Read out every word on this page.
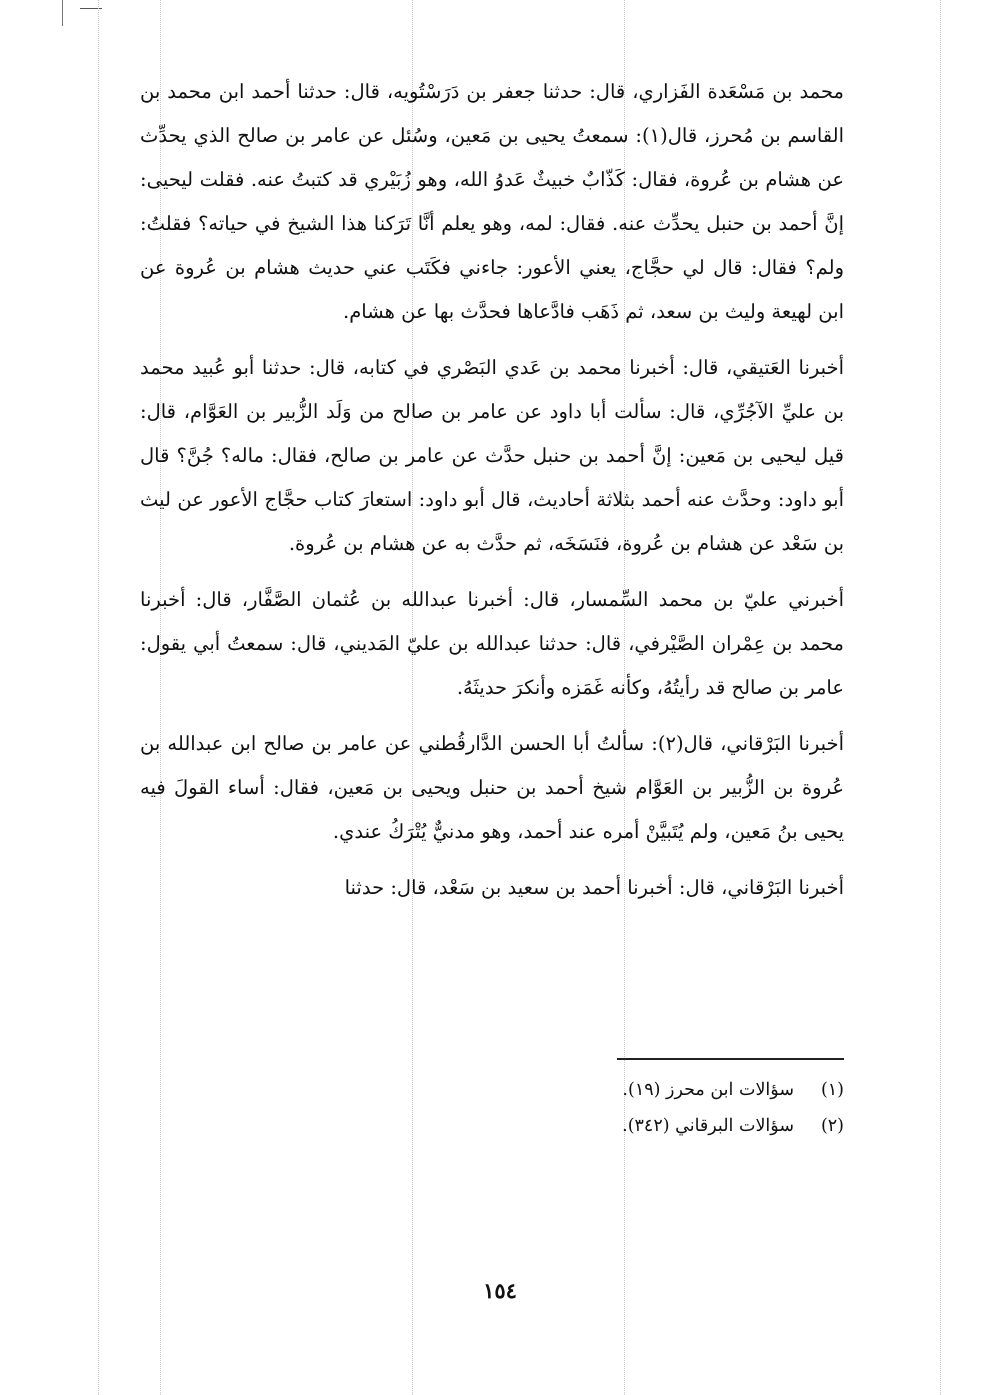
محمد بن مَسْعَدة الفَزاري، قال: حدثنا جعفر بن دَرَسْتُويه، قال: حدثنا أحمد ابن محمد بن القاسم بن مُحرز، قال(١): سمعتُ يحيى بن مَعين، وسُئل عن عامر بن صالح الذي يحدِّث عن هشام بن عُروة، فقال: كَذّابٌ خبيثٌ عَدوُ الله، وهو زُبَيْري قد كتبتُ عنه. فقلت ليحيى: إنَّ أحمد بن حنبل يحدِّث عنه. فقال: لمه، وهو يعلم أنَّا تَرَكنا هذا الشيخ في حياته؟ فقلتُ: ولم؟ فقال: قال لي حجَّاج، يعني الأعور: جاءني فكَتَب عني حديث هشام بن عُروة عن ابن لهيعة وليث بن سعد، ثم ذَهَب فادَّعاها فحدَّث بها عن هشام.

أخبرنا العَتيقي، قال: أخبرنا محمد بن عَدي البَصْري في كتابه، قال: حدثنا أبو عُبيد محمد بن عليِّ الآجُرِّي، قال: سألت أبا داود عن عامر بن صالح من وَلَد الزُّبير بن العَوَّام، قال: قيل ليحيى بن مَعين: إنَّ أحمد بن حنبل حدَّث عن عامر بن صالح، فقال: ماله؟ جُنَّ؟ قال أبو داود: وحدَّث عنه أحمد بثلاثة أحاديث، قال أبو داود: استعارَ كتاب حجَّاج الأعور عن ليث بن سَعْد عن هشام بن عُروة، فنَسَخَه، ثم حدَّث به عن هشام بن عُروة.

أخبرني عليّ بن محمد السِّمسار، قال: أخبرنا عبدالله بن عُثمان الصَّفَّار، قال: أخبرنا محمد بن عِمْران الصَّيْرفي، قال: حدثنا عبدالله بن عليّ المَديني، قال: سمعتُ أبي يقول: عامر بن صالح قد رأيتُهُ، وكأنه غَمَزه وأنكرَ حديثَهُ.

أخبرنا البَرْقاني، قال(٢): سألتُ أبا الحسن الدَّارقُطني عن عامر بن صالح ابن عبدالله بن عُروة بن الزُّبير بن العَوَّام شيخ أحمد بن حنبل ويحيى بن مَعين، فقال: أساء القولَ فيه يحيى بنُ مَعين، ولم يُتَبيَّنْ أمره عند أحمد، وهو مدنيٌّ يُتْرَكُ عندي.

أخبرنا البَرْقاني، قال: أخبرنا أحمد بن سعيد بن سَعْد، قال: حدثنا

(١)
سؤالات ابن محرز (١٩).
(٢)
سؤالات البرقاني (٣٤٢).
١٥٤
